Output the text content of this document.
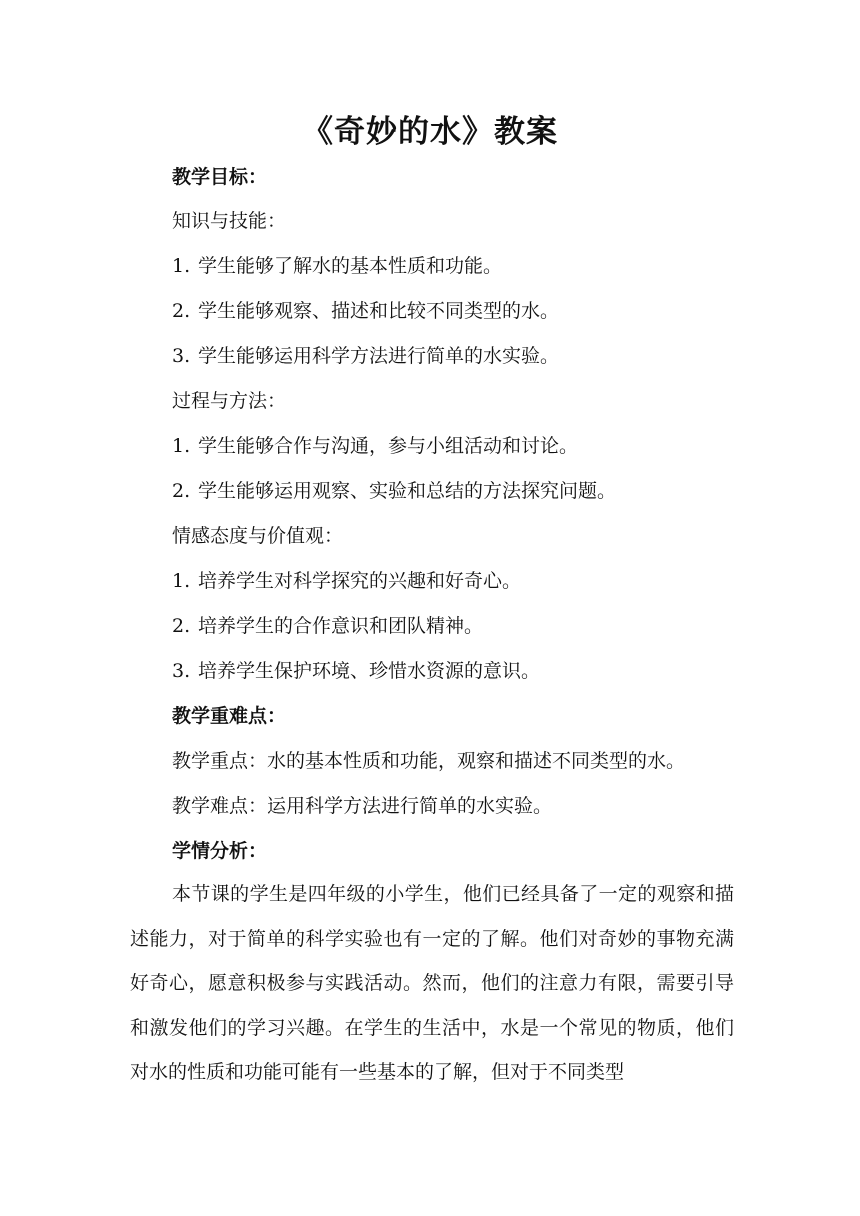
《奇妙的水》教案
教学目标：
知识与技能：
1. 学生能够了解水的基本性质和功能。
2. 学生能够观察、描述和比较不同类型的水。
3. 学生能够运用科学方法进行简单的水实验。
过程与方法：
1. 学生能够合作与沟通，参与小组活动和讨论。
2. 学生能够运用观察、实验和总结的方法探究问题。
情感态度与价值观：
1. 培养学生对科学探究的兴趣和好奇心。
2. 培养学生的合作意识和团队精神。
3. 培养学生保护环境、珍惜水资源的意识。
教学重难点：
教学重点：水的基本性质和功能，观察和描述不同类型的水。
教学难点：运用科学方法进行简单的水实验。
学情分析：
本节课的学生是四年级的小学生，他们已经具备了一定的观察和描述能力，对于简单的科学实验也有一定的了解。他们对奇妙的事物充满好奇心，愿意积极参与实践活动。然而，他们的注意力有限，需要引导和激发他们的学习兴趣。在学生的生活中，水是一个常见的物质，他们对水的性质和功能可能有一些基本的了解，但对于不同类型
